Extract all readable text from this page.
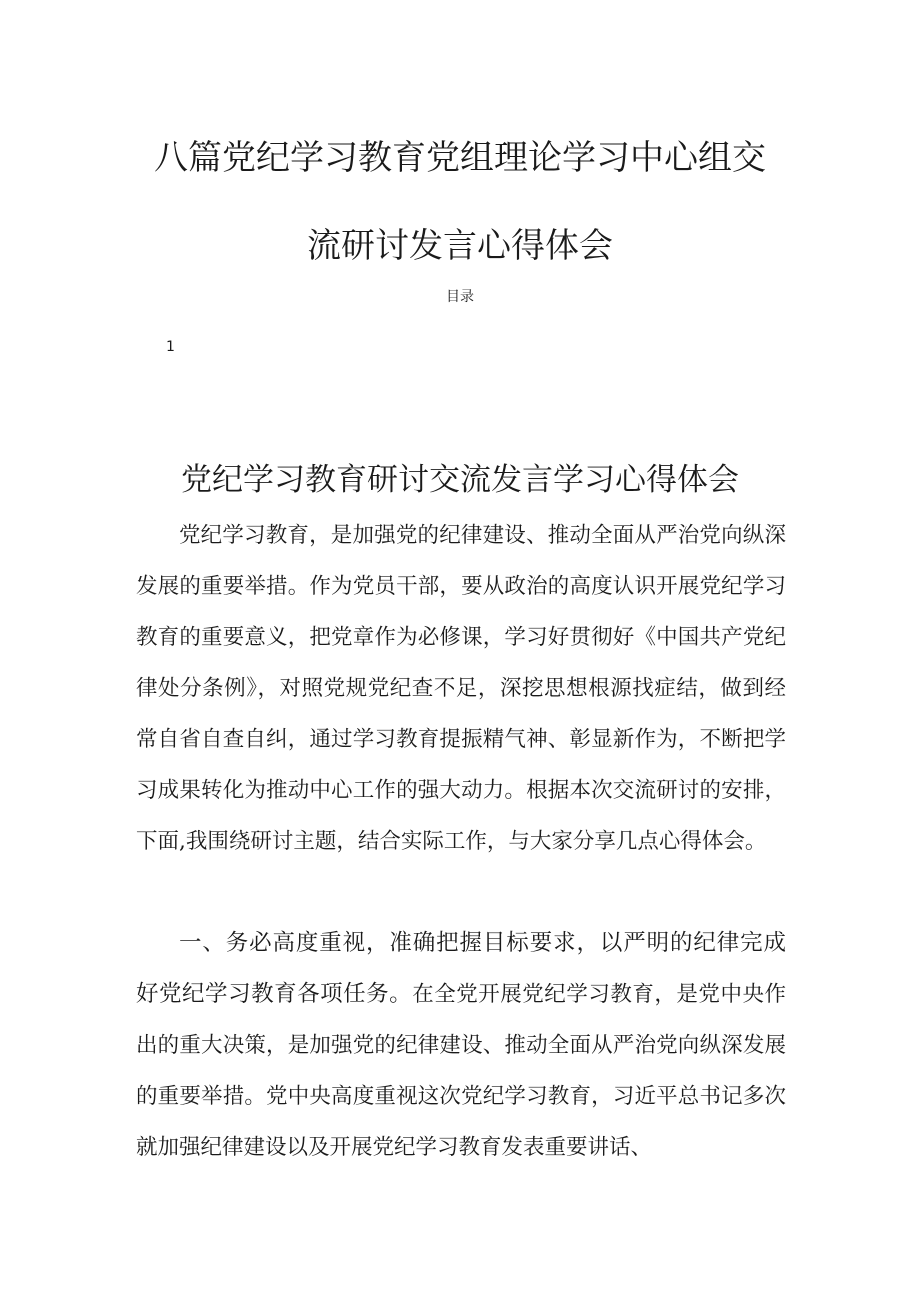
八篇党纪学习教育党组理论学习中心组交
流研讨发言心得体会
目录
1
党纪学习教育研讨交流发言学习心得体会

党纪学习教育，是加强党的纪律建设、推动全面从严治党向纵深发展的重要举措。作为党员干部，要从政治的高度认识开展党纪学习教育的重要意义，把党章作为必修课，学习好贯彻好《中国共产党纪律处分条例》，对照党规党纪查不足，深挖思想根源找症结，做到经常自省自查自纠，通过学习教育提振精气神、彰显新作为，不断把学习成果转化为推动中心工作的强大动力。根据本次交流研讨的安排，下面,我围绕研讨主题，结合实际工作，与大家分享几点心得体会。

一、务必高度重视，准确把握目标要求，以严明的纪律完成好党纪学习教育各项任务。在全党开展党纪学习教育，是党中央作出的重大决策，是加强党的纪律建设、推动全面从严治党向纵深发展的重要举措。党中央高度重视这次党纪学习教育，习近平总书记多次就加强纪律建设以及开展党纪学习教育发表重要讲话、
